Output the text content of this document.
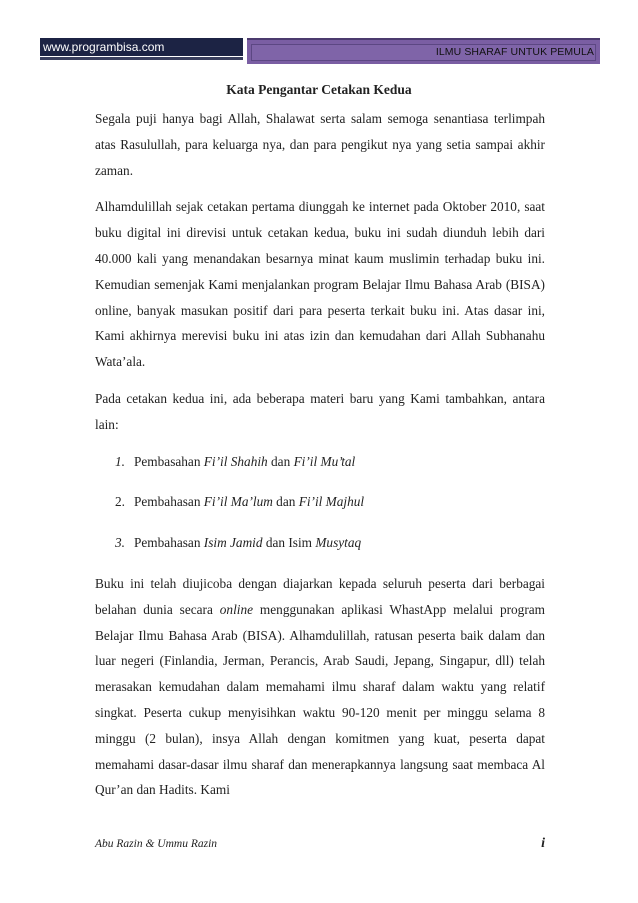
www.programbisa.com	ILMU SHARAF UNTUK PEMULA
Kata Pengantar Cetakan Kedua

Segala puji hanya bagi Allah, Shalawat serta salam semoga senantiasa terlimpah atas Rasulullah, para keluarga nya, dan para pengikut nya yang setia sampai akhir zaman.

Alhamdulillah sejak cetakan pertama diunggah ke internet pada Oktober 2010, saat buku digital ini direvisi untuk cetakan kedua, buku ini sudah diunduh lebih dari 40.000 kali yang menandakan besarnya minat kaum muslimin terhadap buku ini. Kemudian semenjak Kami menjalankan program Belajar Ilmu Bahasa Arab (BISA) online, banyak masukan positif dari para peserta terkait buku ini. Atas dasar ini, Kami akhirnya merevisi buku ini atas izin dan kemudahan dari Allah Subhanahu Wata’ala.

Pada cetakan kedua ini, ada beberapa materi baru yang Kami tambahkan, antara lain:

1. Pembasahan Fi’il Shahih dan Fi’il Mu’tal
2. Pembahasan Fi’il Ma’lum dan Fi’il Majhul
3. Pembahasan Isim Jamid dan Isim Musytaq

Buku ini telah diujicoba dengan diajarkan kepada seluruh peserta dari berbagai belahan dunia secara online menggunakan aplikasi WhastApp melalui program Belajar Ilmu Bahasa Arab (BISA). Alhamdulillah, ratusan peserta baik dalam dan luar negeri (Finlandia, Jerman, Perancis, Arab Saudi, Jepang, Singapur, dll) telah merasakan kemudahan dalam memahami ilmu sharaf dalam waktu yang relatif singkat. Peserta cukup menyisihkan waktu 90-120 menit per minggu selama 8 minggu (2 bulan), insya Allah dengan komitmen yang kuat, peserta dapat memahami dasar-dasar ilmu sharaf dan menerapkannya langsung saat membaca Al Qur’an dan Hadits. Kami

Abu Razin & Ummu Razin	i
